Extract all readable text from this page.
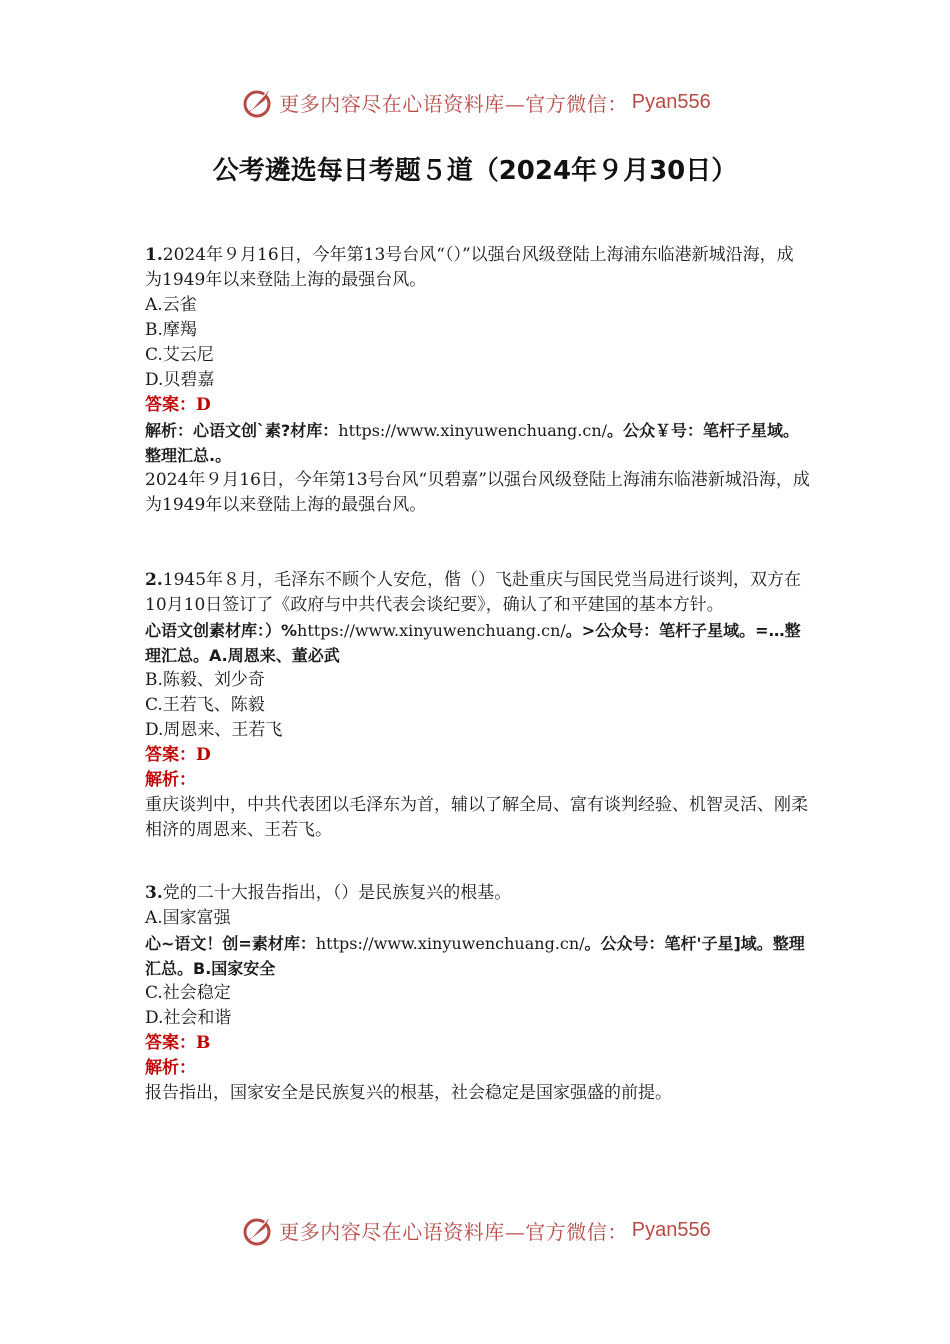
更多内容尽在心语资料库—官方微信： Pyan556
公考遴选每日考题５道（2024年９月30日）

1.2024年９月16日，今年第13号台风“（）”以强台风级登陆上海浦东临港新城沿海，成为1949年以来登陆上海的最强台风。

A.云雀

B.摩羯

C.艾云尼

D.贝碧嘉

答案：D

解析：心语文创`素?材库：https://www.xinyuwenchuang.cn/。公众￥号：笔杆子星域。整理汇总.。

2024年９月16日，今年第13号台风“贝碧嘉”以强台风级登陆上海浦东临港新城沿海，成为1949年以来登陆上海的最强台风。

2.1945年８月，毛泽东不顾个人安危，偕（）飞赴重庆与国民党当局进行谈判，双方在10月10日签订了《政府与中共代表会谈纪要》，确认了和平建国的基本方针。

心语文创素材库：）%https://www.xinyuwenchuang.cn/。>公众号：笔杆子星域。=…整理汇总。A.周恩来、董必武

B.陈毅、刘少奇

C.王若飞、陈毅

D.周恩来、王若飞

答案：D

解析：

重庆谈判中，中共代表团以毛泽东为首，辅以了解全局、富有谈判经验、机智灵活、刚柔相济的周恩来、王若飞。

3.党的二十大报告指出，（）是民族复兴的根基。

A.国家富强

心~语文！创=素材库：https://www.xinyuwenchuang.cn/。公众号：笔杆'子星]域。整理汇总。B.国家安全

C.社会稳定

D.社会和谐

答案：B

解析：

报告指出，国家安全是民族复兴的根基，社会稳定是国家强盛的前提。

更多内容尽在心语资料库—官方微信： Pyan556
